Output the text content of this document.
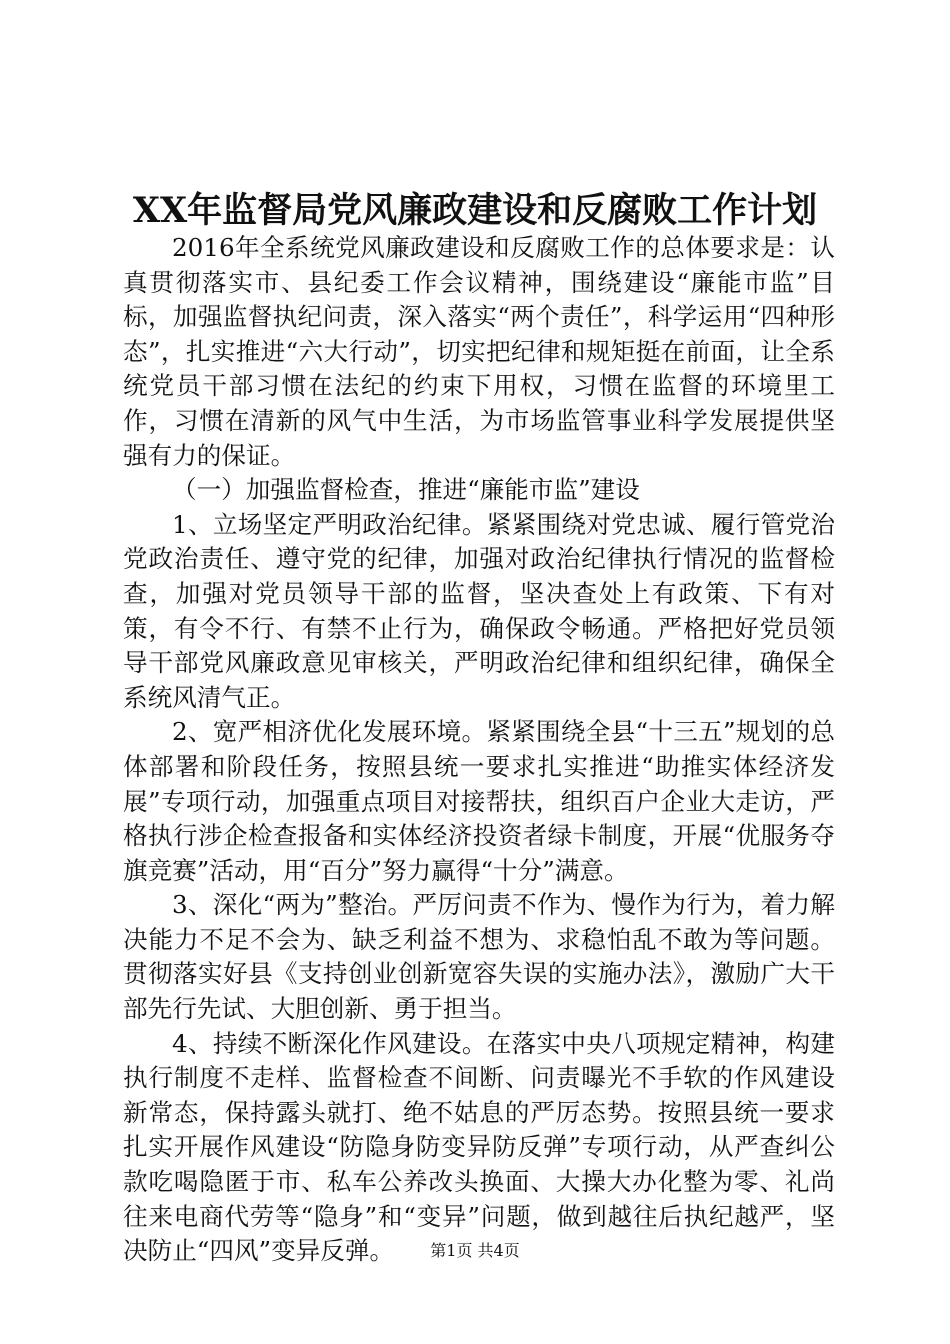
XX年监督局党风廉政建设和反腐败工作计划

2016年全系统党风廉政建设和反腐败工作的总体要求是：认真贯彻落实市、县纪委工作会议精神，围绕建设“廉能市监”目标，加强监督执纪问责，深入落实“两个责任”，科学运用“四种形态”，扎实推进“六大行动”，切实把纪律和规矩挺在前面，让全系统党员干部习惯在法纪的约束下用权，习惯在监督的环境里工作，习惯在清新的风气中生活，为市场监管事业科学发展提供坚强有力的保证。

（一）加强监督检查，推进“廉能市监”建设

1、立场坚定严明政治纪律。紧紧围绕对党忠诚、履行管党治党政治责任、遵守党的纪律，加强对政治纪律执行情况的监督检查，加强对党员领导干部的监督，坚决查处上有政策、下有对策，有令不行、有禁不止行为，确保政令畅通。严格把好党员领导干部党风廉政意见审核关，严明政治纪律和组织纪律，确保全系统风清气正。

2、宽严相济优化发展环境。紧紧围绕全县“十三五”规划的总体部署和阶段任务，按照县统一要求扎实推进“助推实体经济发展”专项行动，加强重点项目对接帮扶，组织百户企业大走访，严格执行涉企检查报备和实体经济投资者绿卡制度，开展“优服务夺旗竞赛”活动，用“百分”努力赢得“十分”满意。

3、深化“两为”整治。严厉问责不作为、慢作为行为，着力解决能力不足不会为、缺乏利益不想为、求稳怕乱不敢为等问题。贯彻落实好县《支持创业创新宽容失误的实施办法》，激励广大干部先行先试、大胆创新、勇于担当。

4、持续不断深化作风建设。在落实中央八项规定精神，构建执行制度不走样、监督检查不间断、问责曝光不手软的作风建设新常态，保持露头就打、绝不姑息的严厉态势。按照县统一要求扎实开展作风建设“防隐身防变异防反弹”专项行动，从严查纠公款吃喝隐匿于市、私车公养改头换面、大操大办化整为零、礼尚往来电商代劳等“隐身”和“变异”问题，做到越往后执纪越严，坚决防止“四风”变异反弹。	第1页 共4页
